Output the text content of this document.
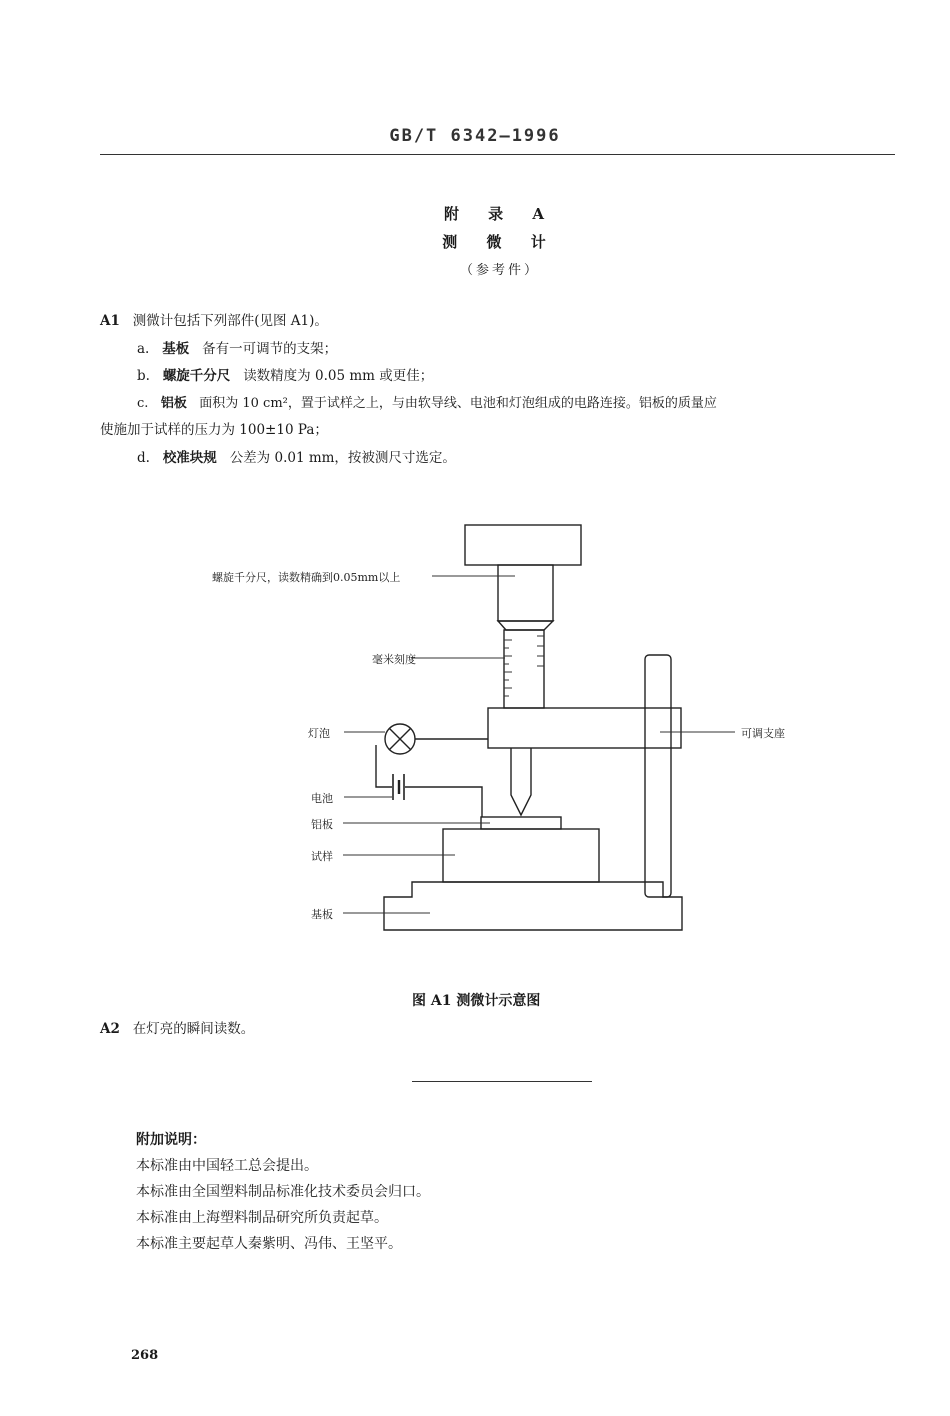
GB/T 6342—1996
附 录 A
测 微 计
（参考件）
A1 测微计包括下列部件(见图 A1)。
a. 基板 备有一可调节的支架；
b. 螺旋千分尺 读数精度为 0.05 mm 或更佳；
c. 铝板 面积为 10 cm²，置于试样之上，与由软导线、电池和灯泡组成的电路连接。铝板的质量应
使施加于试样的压力为 100±10 Pa；
d. 校准块规 公差为 0.01 mm，按被测尺寸选定。
螺旋千分尺，读数精确到0.05mm以上
毫米刻度
灯泡
电池
铝板
试样
基板
可调支座
图 A1 测微计示意图
A2 在灯亮的瞬间读数。
附加说明：
本标准由中国轻工总会提出。
本标准由全国塑料制品标准化技术委员会归口。
本标准由上海塑料制品研究所负责起草。
本标准主要起草人秦紫明、冯伟、王坚平。
268
